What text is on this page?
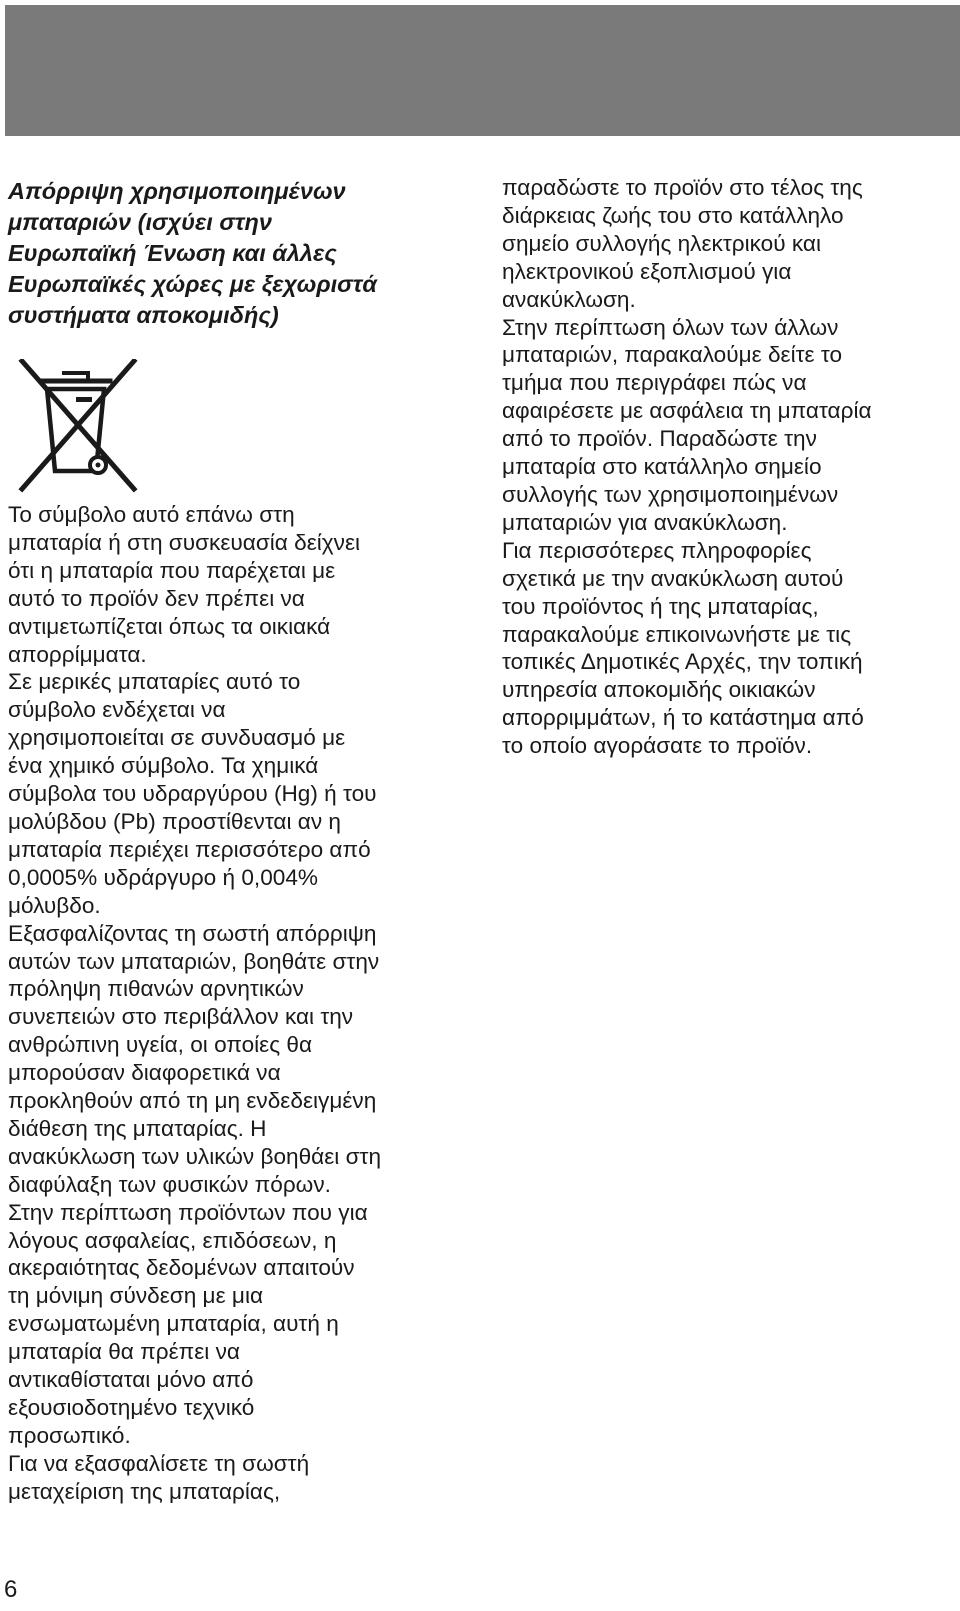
Απόρριψη χρησιμοποιημένων
μπαταριών (ισχύει στην
Ευρωπαϊκή Ένωση και άλλες
Ευρωπαϊκές χώρες με ξεχωριστά
συστήματα αποκομιδής)
Το σύμβολο αυτό επάνω στη
μπαταρία ή στη συσκευασία δείχνει
ότι η μπαταρία που παρέχεται με
αυτό το προϊόν δεν πρέπει να
αντιμετωπίζεται όπως τα οικιακά
απορρίμματα.
Σε μερικές μπαταρίες αυτό το
σύμβολο ενδέχεται να
χρησιμοποιείται σε συνδυασμό με
ένα χημικό σύμβολο. Τα χημικά
σύμβολα του υδραργύρου (Hg) ή του
μολύβδου (Pb) προστίθενται αν η
μπαταρία περιέχει περισσότερο από
0,0005% υδράργυρο ή 0,004%
μόλυβδο.
Εξασφαλίζοντας τη σωστή απόρριψη
αυτών των μπαταριών, βοηθάτε στην
πρόληψη πιθανών αρνητικών
συνεπειών στο περιβάλλον και την
ανθρώπινη υγεία, οι οποίες θα
μπορούσαν διαφορετικά να
προκληθούν από τη μη ενδεδειγμένη
διάθεση της μπαταρίας. Η
ανακύκλωση των υλικών βοηθάει στη
διαφύλαξη των φυσικών πόρων.
Στην περίπτωση προϊόντων που για
λόγους ασφαλείας, επιδόσεων, η
ακεραιότητας δεδομένων απαιτούν
τη μόνιμη σύνδεση με μια
ενσωματωμένη μπαταρία, αυτή η
μπαταρία θα πρέπει να
αντικαθίσταται μόνο από
εξουσιοδοτημένο τεχνικό
προσωπικό.
Για να εξασφαλίσετε τη σωστή
μεταχείριση της μπαταρίας,
παραδώστε το προϊόν στο τέλος της
διάρκειας ζωής του στο κατάλληλο
σημείο συλλογής ηλεκτρικού και
ηλεκτρονικού εξοπλισμού για
ανακύκλωση.
Στην περίπτωση όλων των άλλων
μπαταριών, παρακαλούμε δείτε το
τμήμα που περιγράφει πώς να
αφαιρέσετε με ασφάλεια τη μπαταρία
από το προϊόν. Παραδώστε την
μπαταρία στο κατάλληλο σημείο
συλλογής των χρησιμοποιημένων
μπαταριών για ανακύκλωση.
Για περισσότερες πληροφορίες
σχετικά με την ανακύκλωση αυτού
του προϊόντος ή της μπαταρίας,
παρακαλούμε επικοινωνήστε με τις
τοπικές Δημοτικές Αρχές, την τοπική
υπηρεσία αποκομιδής οικιακών
απορριμμάτων, ή το κατάστημα από
το οποίο αγοράσατε το προϊόν.
6
